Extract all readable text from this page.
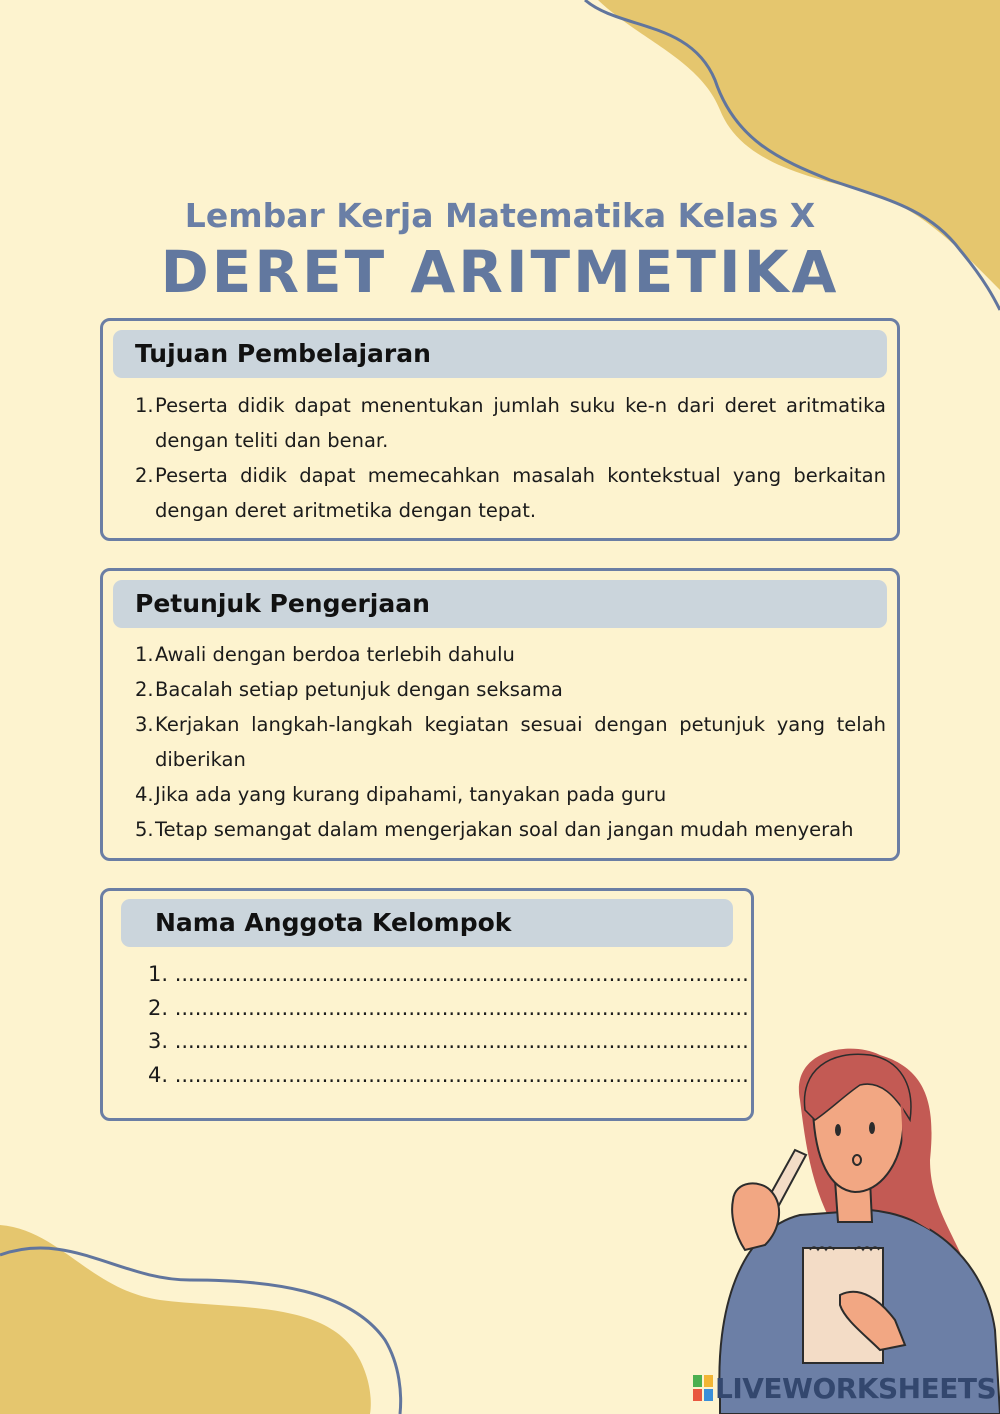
Lembar Kerja Matematika Kelas X
DERET ARITMETIKA
Tujuan Pembelajaran
1. Peserta didik dapat menentukan jumlah suku ke-n dari deret aritmatika dengan teliti dan benar.
2. Peserta didik dapat memecahkan masalah kontekstual yang berkaitan dengan deret aritmetika dengan tepat.
Petunjuk Pengerjaan
1. Awali dengan berdoa terlebih dahulu
2. Bacalah setiap petunjuk dengan seksama
3. Kerjakan langkah-langkah kegiatan sesuai dengan petunjuk yang telah diberikan
4. Jika ada yang kurang dipahami, tanyakan pada guru
5. Tetap semangat dalam mengerjakan soal dan jangan mudah menyerah
Nama Anggota Kelompok
1. ......................................................................................
2. ......................................................................................
3. ......................................................................................
4. ......................................................................................
LIVEWORKSHEETS
